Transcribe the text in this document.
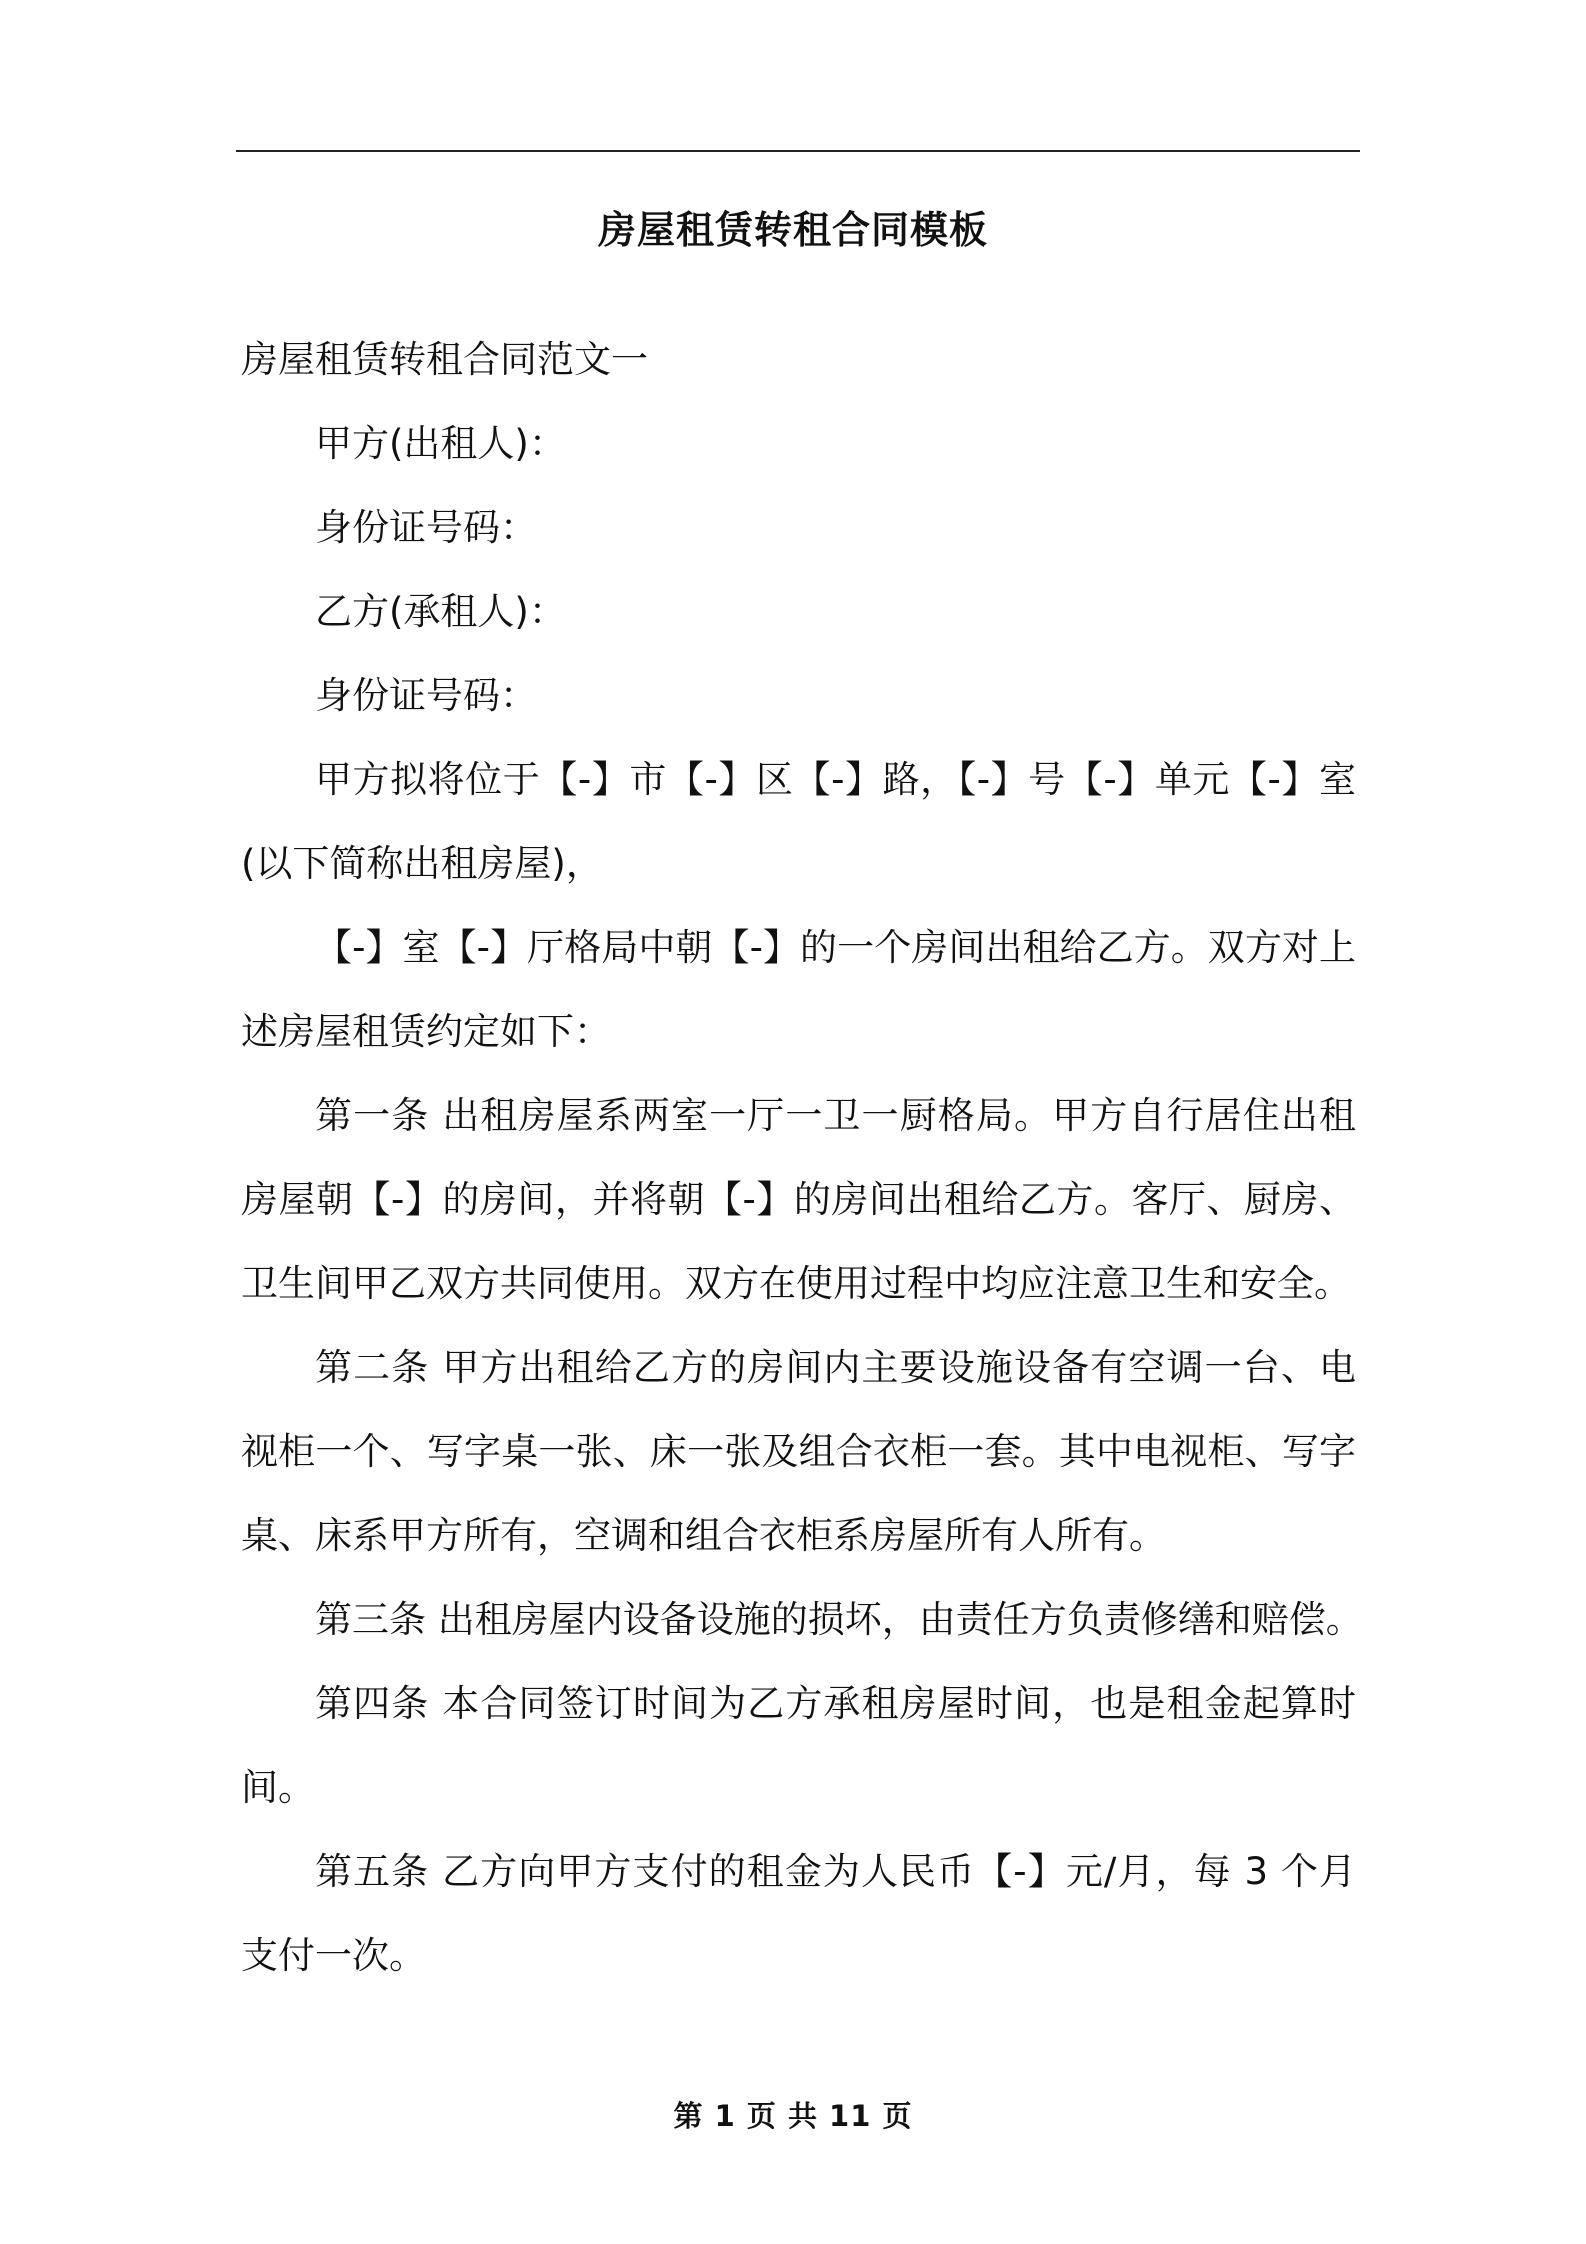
房屋租赁转租合同模板

房屋租赁转租合同范文一

甲方(出租人)：

身份证号码：

乙方(承租人)：

身份证号码：

甲方拟将位于【-】市【-】区【-】路，【-】号【-】单元【-】室(以下简称出租房屋)，

【-】室【-】厅格局中朝【-】的一个房间出租给乙方。双方对上述房屋租赁约定如下：

第一条 出租房屋系两室一厅一卫一厨格局。甲方自行居住出租房屋朝【-】的房间，并将朝【-】的房间出租给乙方。客厅、厨房、卫生间甲乙双方共同使用。双方在使用过程中均应注意卫生和安全。

第二条 甲方出租给乙方的房间内主要设施设备有空调一台、电视柜一个、写字桌一张、床一张及组合衣柜一套。其中电视柜、写字桌、床系甲方所有，空调和组合衣柜系房屋所有人所有。

第三条 出租房屋内设备设施的损坏，由责任方负责修缮和赔偿。

第四条 本合同签订时间为乙方承租房屋时间，也是租金起算时间。

第五条 乙方向甲方支付的租金为人民币【-】元/月，每 3 个月支付一次。

第 1 页 共 11 页
